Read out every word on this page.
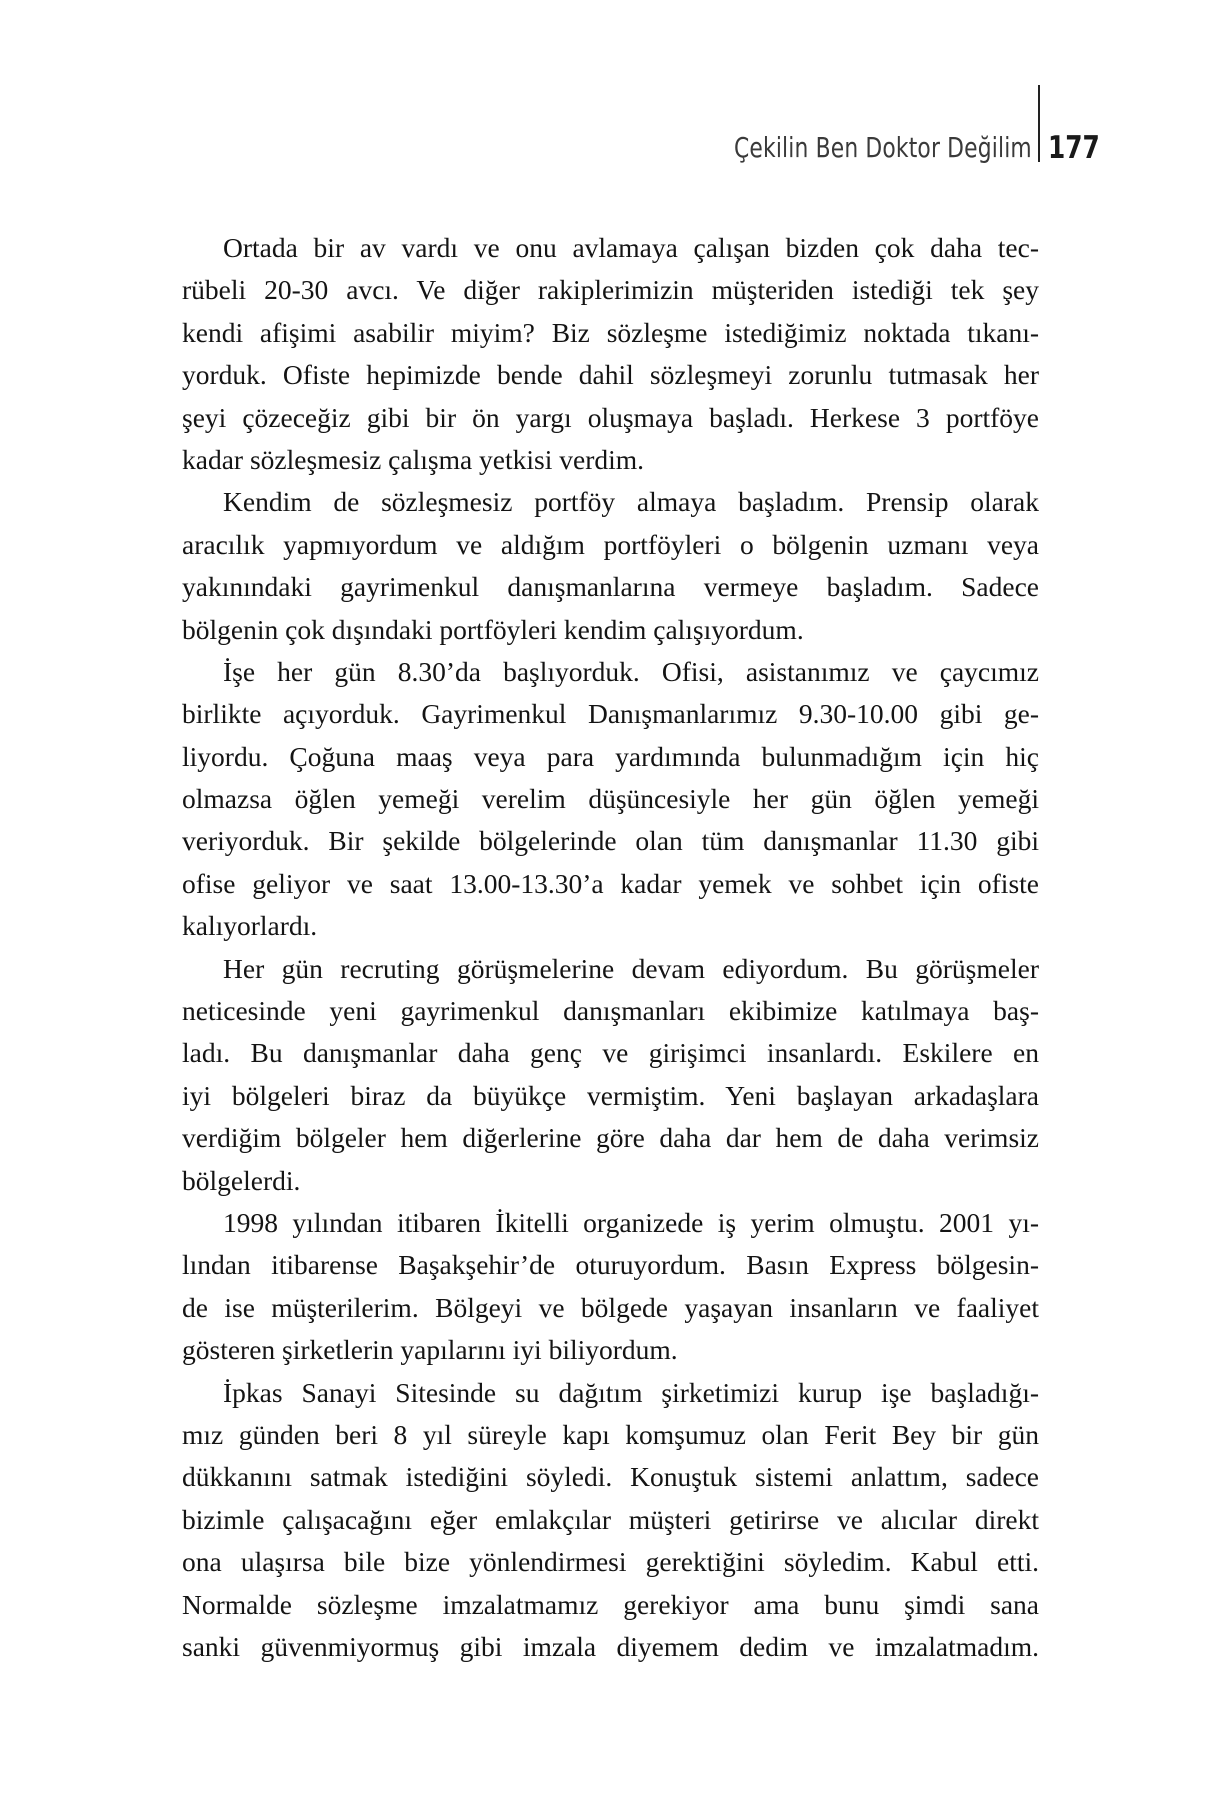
Çekilin Ben Doktor Değilim 177
Ortada bir av vardı ve onu avlamaya çalışan bizden çok daha tec-
rübeli 20-30 avcı. Ve diğer rakiplerimizin müşteriden istediği tek şey
kendi afişimi asabilir miyim? Biz sözleşme istediğimiz noktada tıkanı-
yorduk. Ofiste hepimizde bende dahil sözleşmeyi zorunlu tutmasak her
şeyi çözeceğiz gibi bir ön yargı oluşmaya başladı. Herkese 3 portföye
kadar sözleşmesiz çalışma yetkisi verdim.
Kendim de sözleşmesiz portföy almaya başladım. Prensip olarak
aracılık yapmıyordum ve aldığım portföyleri o bölgenin uzmanı veya
yakınındaki gayrimenkul danışmanlarına vermeye başladım. Sadece
bölgenin çok dışındaki portföyleri kendim çalışıyordum.
İşe her gün 8.30’da başlıyorduk. Ofisi, asistanımız ve çaycımız
birlikte açıyorduk. Gayrimenkul Danışmanlarımız 9.30-10.00 gibi ge-
liyordu. Çoğuna maaş veya para yardımında bulunmadığım için hiç
olmazsa öğlen yemeği verelim düşüncesiyle her gün öğlen yemeği
veriyorduk. Bir şekilde bölgelerinde olan tüm danışmanlar 11.30 gibi
ofise geliyor ve saat 13.00-13.30’a kadar yemek ve sohbet için ofiste
kalıyorlardı.
Her gün recruting görüşmelerine devam ediyordum. Bu görüşmeler
neticesinde yeni gayrimenkul danışmanları ekibimize katılmaya baş-
ladı. Bu danışmanlar daha genç ve girişimci insanlardı. Eskilere en
iyi bölgeleri biraz da büyükçe vermiştim. Yeni başlayan arkadaşlara
verdiğim bölgeler hem diğerlerine göre daha dar hem de daha verimsiz
bölgelerdi.
1998 yılından itibaren İkitelli organizede iş yerim olmuştu. 2001 yı-
lından itibarense Başakşehir’de oturuyordum. Basın Express bölgesin-
de ise müşterilerim. Bölgeyi ve bölgede yaşayan insanların ve faaliyet
gösteren şirketlerin yapılarını iyi biliyordum.
İpkas Sanayi Sitesinde su dağıtım şirketimizi kurup işe başladığı-
mız günden beri 8 yıl süreyle kapı komşumuz olan Ferit Bey bir gün
dükkanını satmak istediğini söyledi. Konuştuk sistemi anlattım, sadece
bizimle çalışacağını eğer emlakçılar müşteri getirirse ve alıcılar direkt
ona ulaşırsa bile bize yönlendirmesi gerektiğini söyledim. Kabul etti.
Normalde sözleşme imzalatmamız gerekiyor ama bunu şimdi sana
sanki güvenmiyormuş gibi imzala diyemem dedim ve imzalatmadım.
